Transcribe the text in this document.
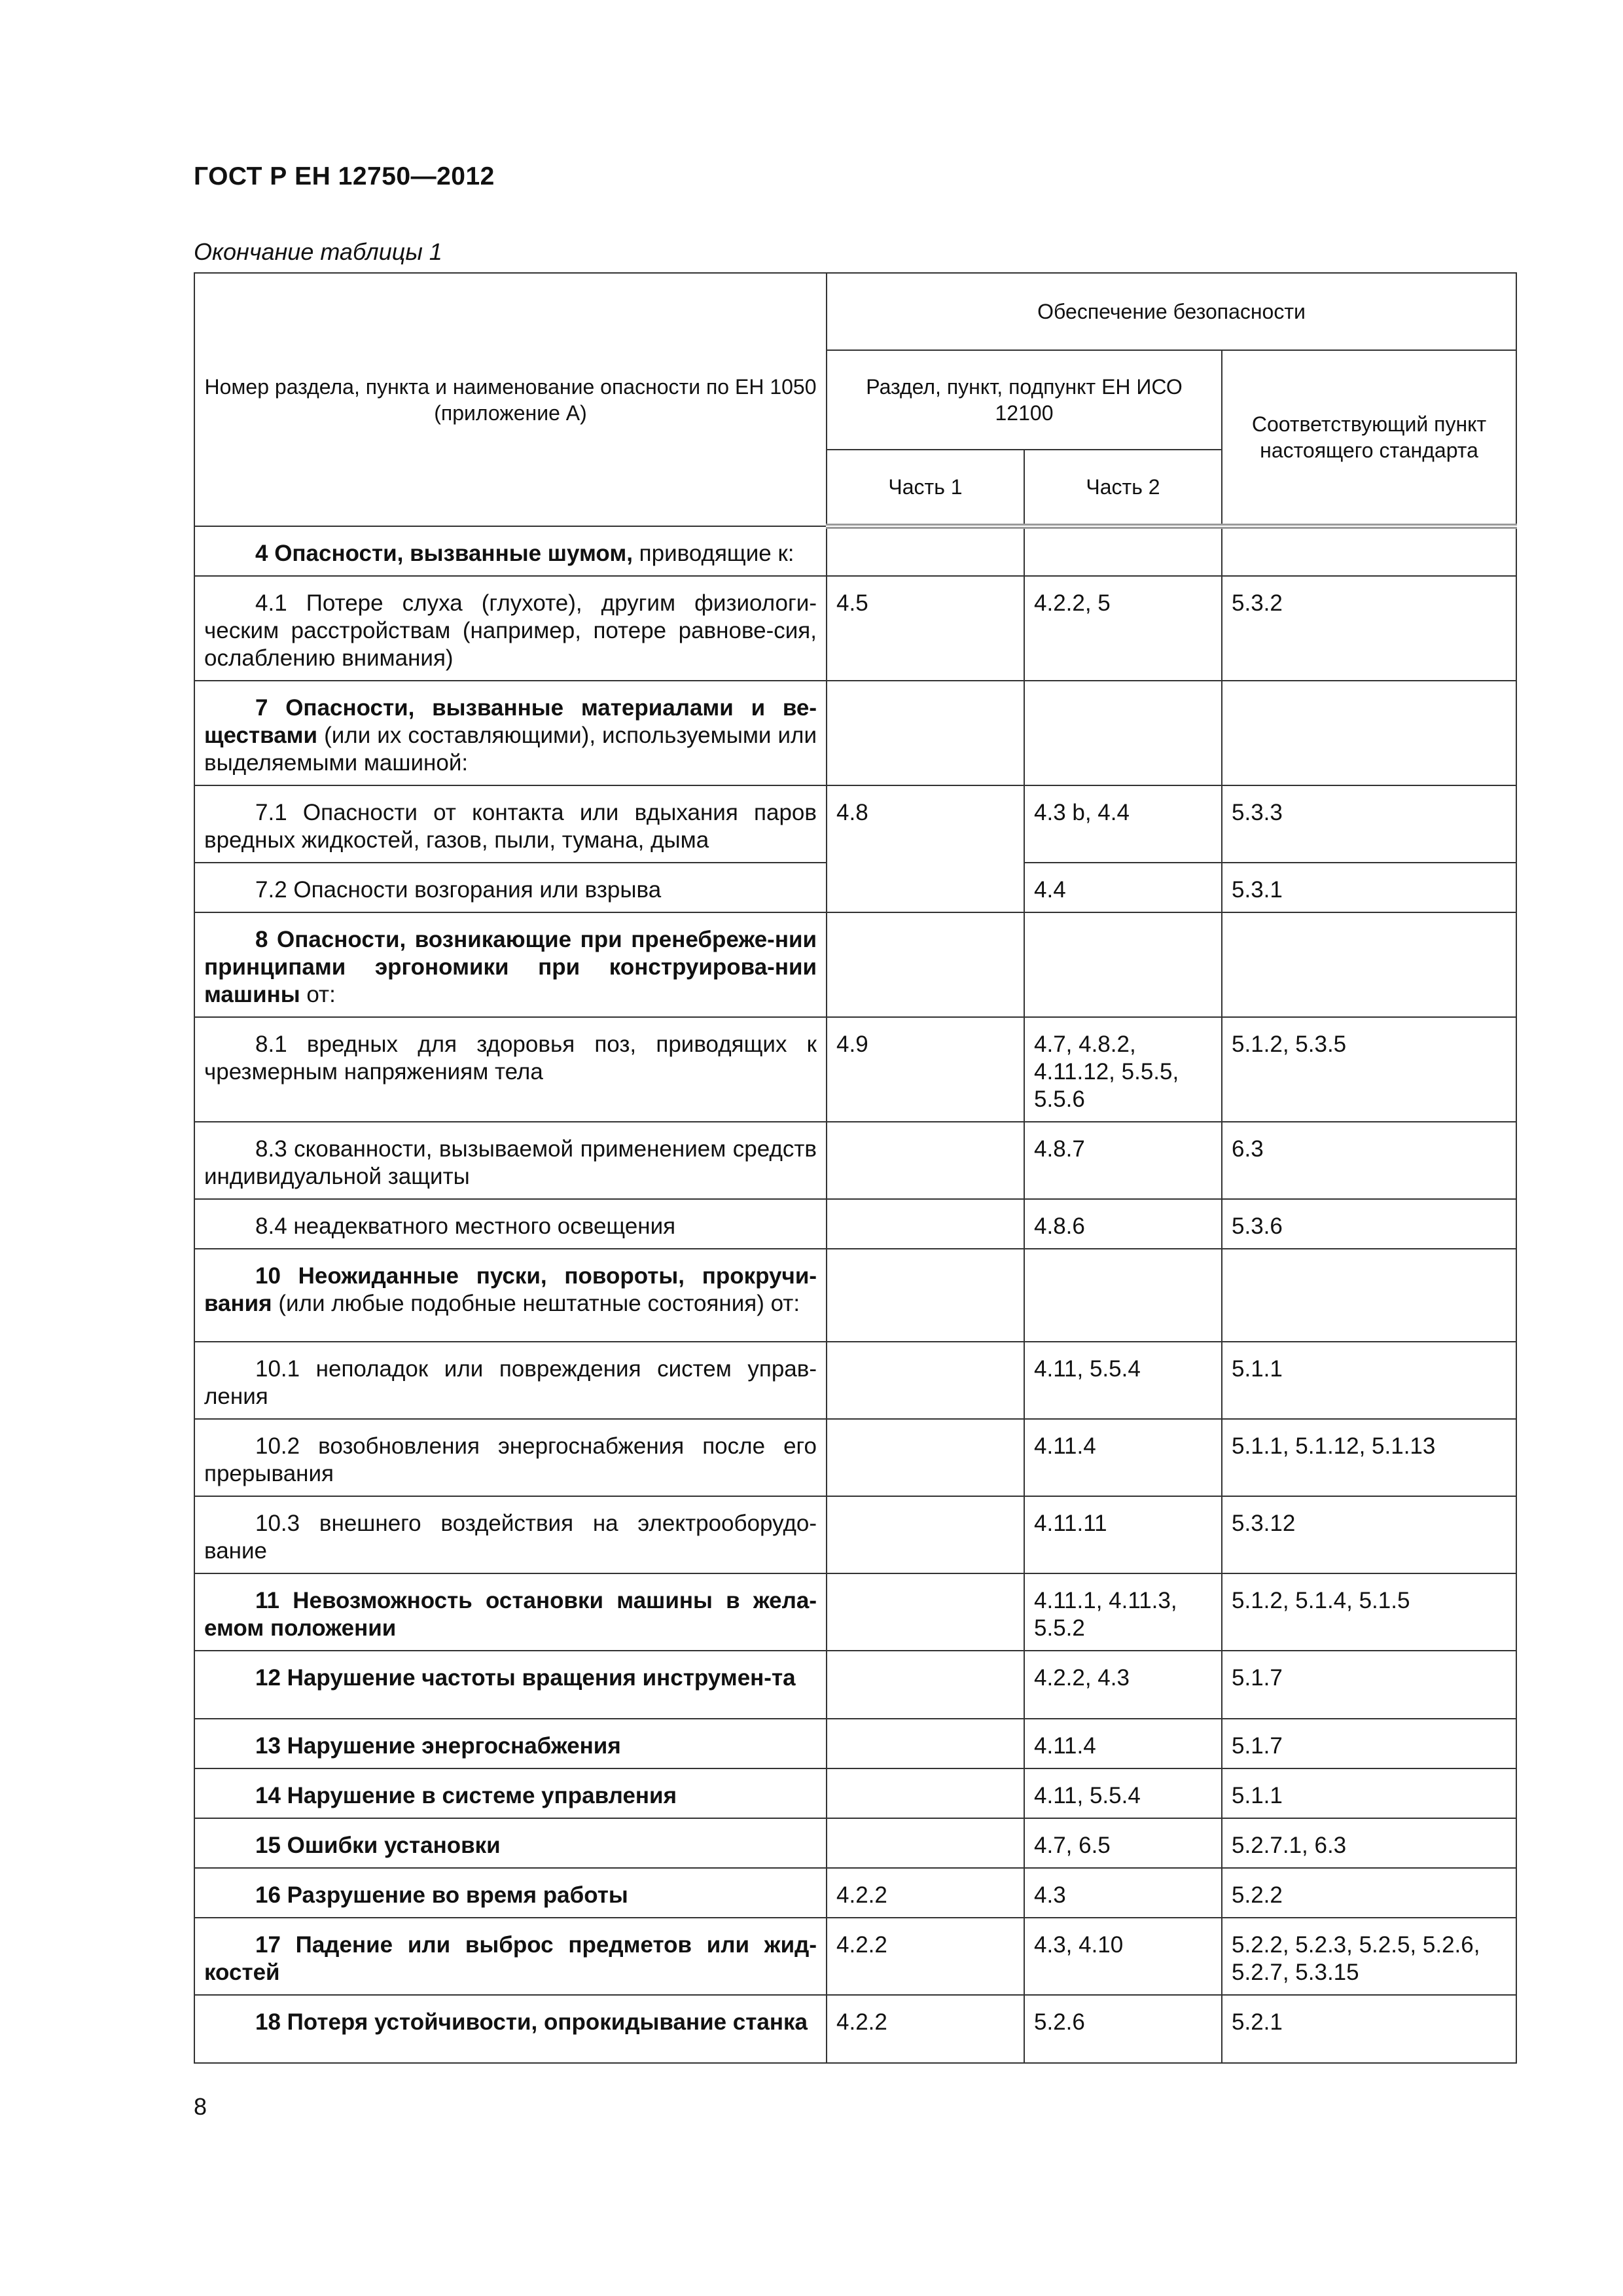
ГОСТ Р ЕН 12750—2012
Окончание таблицы 1
Номер раздела, пункта и наименование опасности по ЕН 1050 (приложение А)	Обеспечение безопасности		
	Раздел, пункт, подпункт ЕН ИСО 12100		Соответствующий пункт настоящего стандарта
	Часть 1	Часть 2	

4 Опасности, вызванные шумом, приводящие к:			

4.1 Потере слуха (глухоте), другим физиологи-ческим расстройствам (например, потере равнове-сия, ослаблению внимания)	4.5	4.2.2, 5	5.3.2

7 Опасности, вызванные материалами и ве-ществами (или их составляющими), используемыми или выделяемыми машиной:			

7.1 Опасности от контакта или вдыхания паров вредных жидкостей, газов, пыли, тумана, дыма	4.8	4.3 b, 4.4	5.3.3

7.2 Опасности возгорания или взрыва		4.4	5.3.1

8 Опасности, возникающие при пренебреже-нии принципами эргономики при конструирова-нии машины от:			

8.1 вредных для здоровья поз, приводящих к чрезмерным напряжениям тела	4.9	4.7, 4.8.2, 4.11.12, 5.5.5, 5.5.6	5.1.2, 5.3.5

8.3 скованности, вызываемой применением средств индивидуальной защиты		4.8.7	6.3

8.4 неадекватного местного освещения		4.8.6	5.3.6

10 Неожиданные пуски, повороты, прокручи-вания (или любые подобные нештатные состояния) от:			

10.1 неполадок или повреждения систем управ-ления		4.11, 5.5.4	5.1.1

10.2 возобновления энергоснабжения после его прерывания		4.11.4	5.1.1, 5.1.12, 5.1.13

10.3 внешнего воздействия на электрооборудо-вание		4.11.11	5.3.12

11 Невозможность остановки машины в жела-емом положении		4.11.1, 4.11.3, 5.5.2	5.1.2, 5.1.4, 5.1.5

12 Нарушение частоты вращения инструмен-та		4.2.2, 4.3	5.1.7

13 Нарушение энергоснабжения		4.11.4	5.1.7

14 Нарушение в системе управления		4.11, 5.5.4	5.1.1

15 Ошибки установки		4.7, 6.5	5.2.7.1, 6.3

16 Разрушение во время работы	4.2.2	4.3	5.2.2

17 Падение или выброс предметов или жид-костей	4.2.2	4.3, 4.10	5.2.2, 5.2.3, 5.2.5, 5.2.6, 5.2.7, 5.3.15

18 Потеря устойчивости, опрокидывание станка	4.2.2	5.2.6	5.2.1
8
